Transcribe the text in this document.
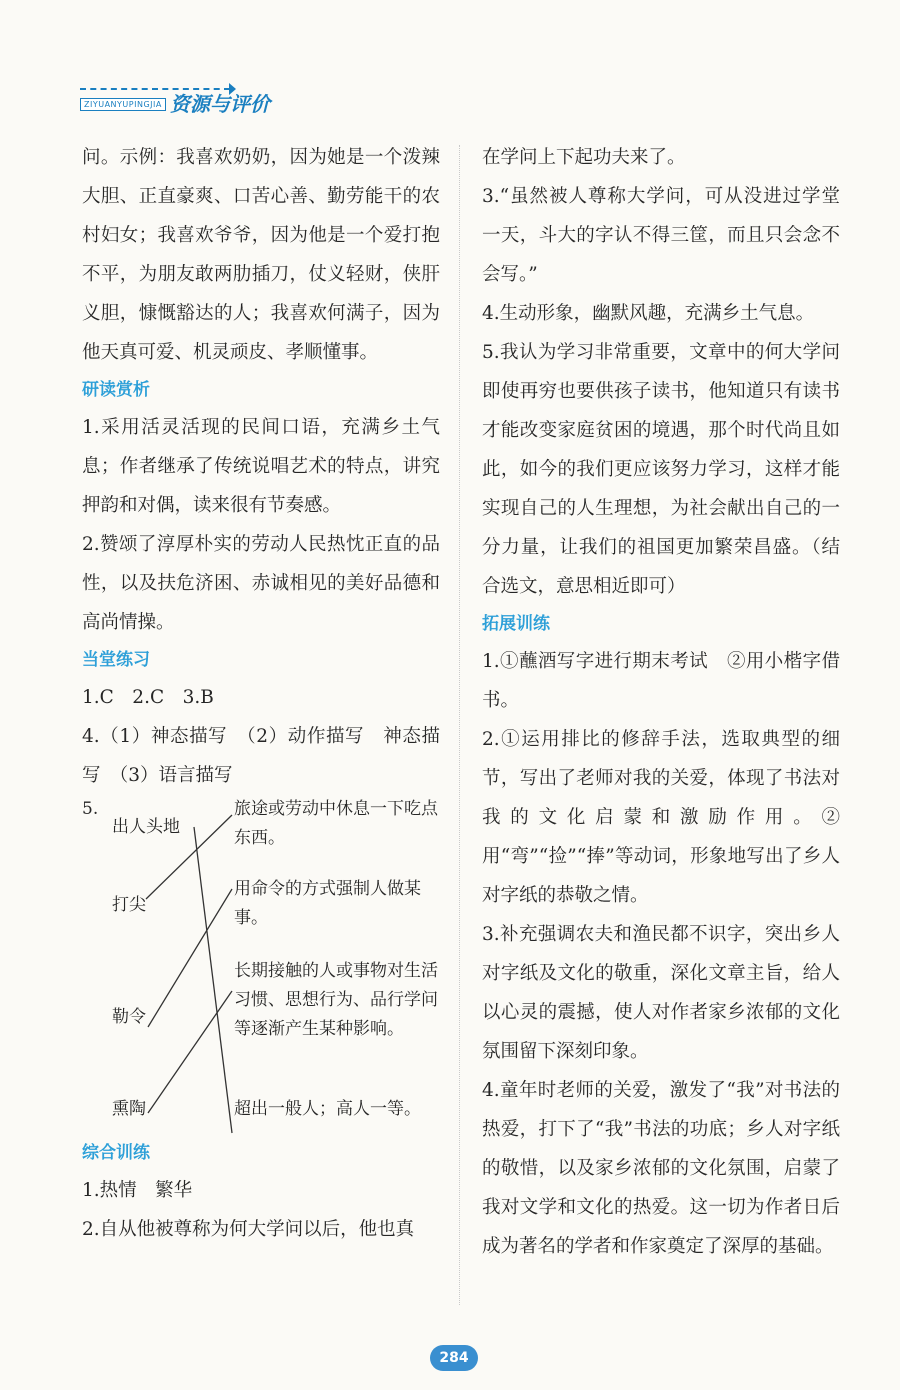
ZIYUANYUPINGJIA 资源与评价

问。示例：我喜欢奶奶，因为她是一个泼辣大胆、正直豪爽、口苦心善、勤劳能干的农村妇女；我喜欢爷爷，因为他是一个爱打抱不平，为朋友敢两肋插刀，仗义轻财，侠肝义胆，慷慨豁达的人；我喜欢何满子，因为他天真可爱、机灵顽皮、孝顺懂事。

研读赏析

1.采用活灵活现的民间口语，充满乡土气息；作者继承了传统说唱艺术的特点，讲究押韵和对偶，读来很有节奏感。

2.赞颂了淳厚朴实的劳动人民热忱正直的品性，以及扶危济困、赤诚相见的美好品德和高尚情操。

当堂练习

1.C　2.C　3.B

4.（1）神态描写　（2）动作描写　神态描写　（3）语言描写

5.
出人头地
打尖
勒令
熏陶
旅途或劳动中休息一下吃点东西。
用命令的方式强制人做某事。
长期接触的人或事物对生活习惯、思想行为、品行学问等逐渐产生某种影响。
超出一般人；高人一等。

综合训练

1.热情　繁华

2.自从他被尊称为何大学问以后，他也真

在学问上下起功夫来了。

3.“虽然被人尊称大学问，可从没进过学堂一天，斗大的字认不得三筐，而且只会念不会写。”

4.生动形象，幽默风趣，充满乡土气息。

5.我认为学习非常重要，文章中的何大学问即使再穷也要供孩子读书，他知道只有读书才能改变家庭贫困的境遇，那个时代尚且如此，如今的我们更应该努力学习，这样才能实现自己的人生理想，为社会献出自己的一分力量，让我们的祖国更加繁荣昌盛。（结合选文，意思相近即可）

拓展训练

1.①蘸酒写字进行期末考试　②用小楷字借书。

2.①运用排比的修辞手法，选取典型的细节，写出了老师对我的关爱，体现了书法对我的文化启蒙和激励作用。②用“弯”“捡”“捧”等动词，形象地写出了乡人对字纸的恭敬之情。

3.补充强调农夫和渔民都不识字，突出乡人对字纸及文化的敬重，深化文章主旨，给人以心灵的震撼，使人对作者家乡浓郁的文化氛围留下深刻印象。

4.童年时老师的关爱，激发了“我”对书法的热爱，打下了“我”书法的功底；乡人对字纸的敬惜，以及家乡浓郁的文化氛围，启蒙了我对文学和文化的热爱。这一切为作者日后成为著名的学者和作家奠定了深厚的基础。

284
